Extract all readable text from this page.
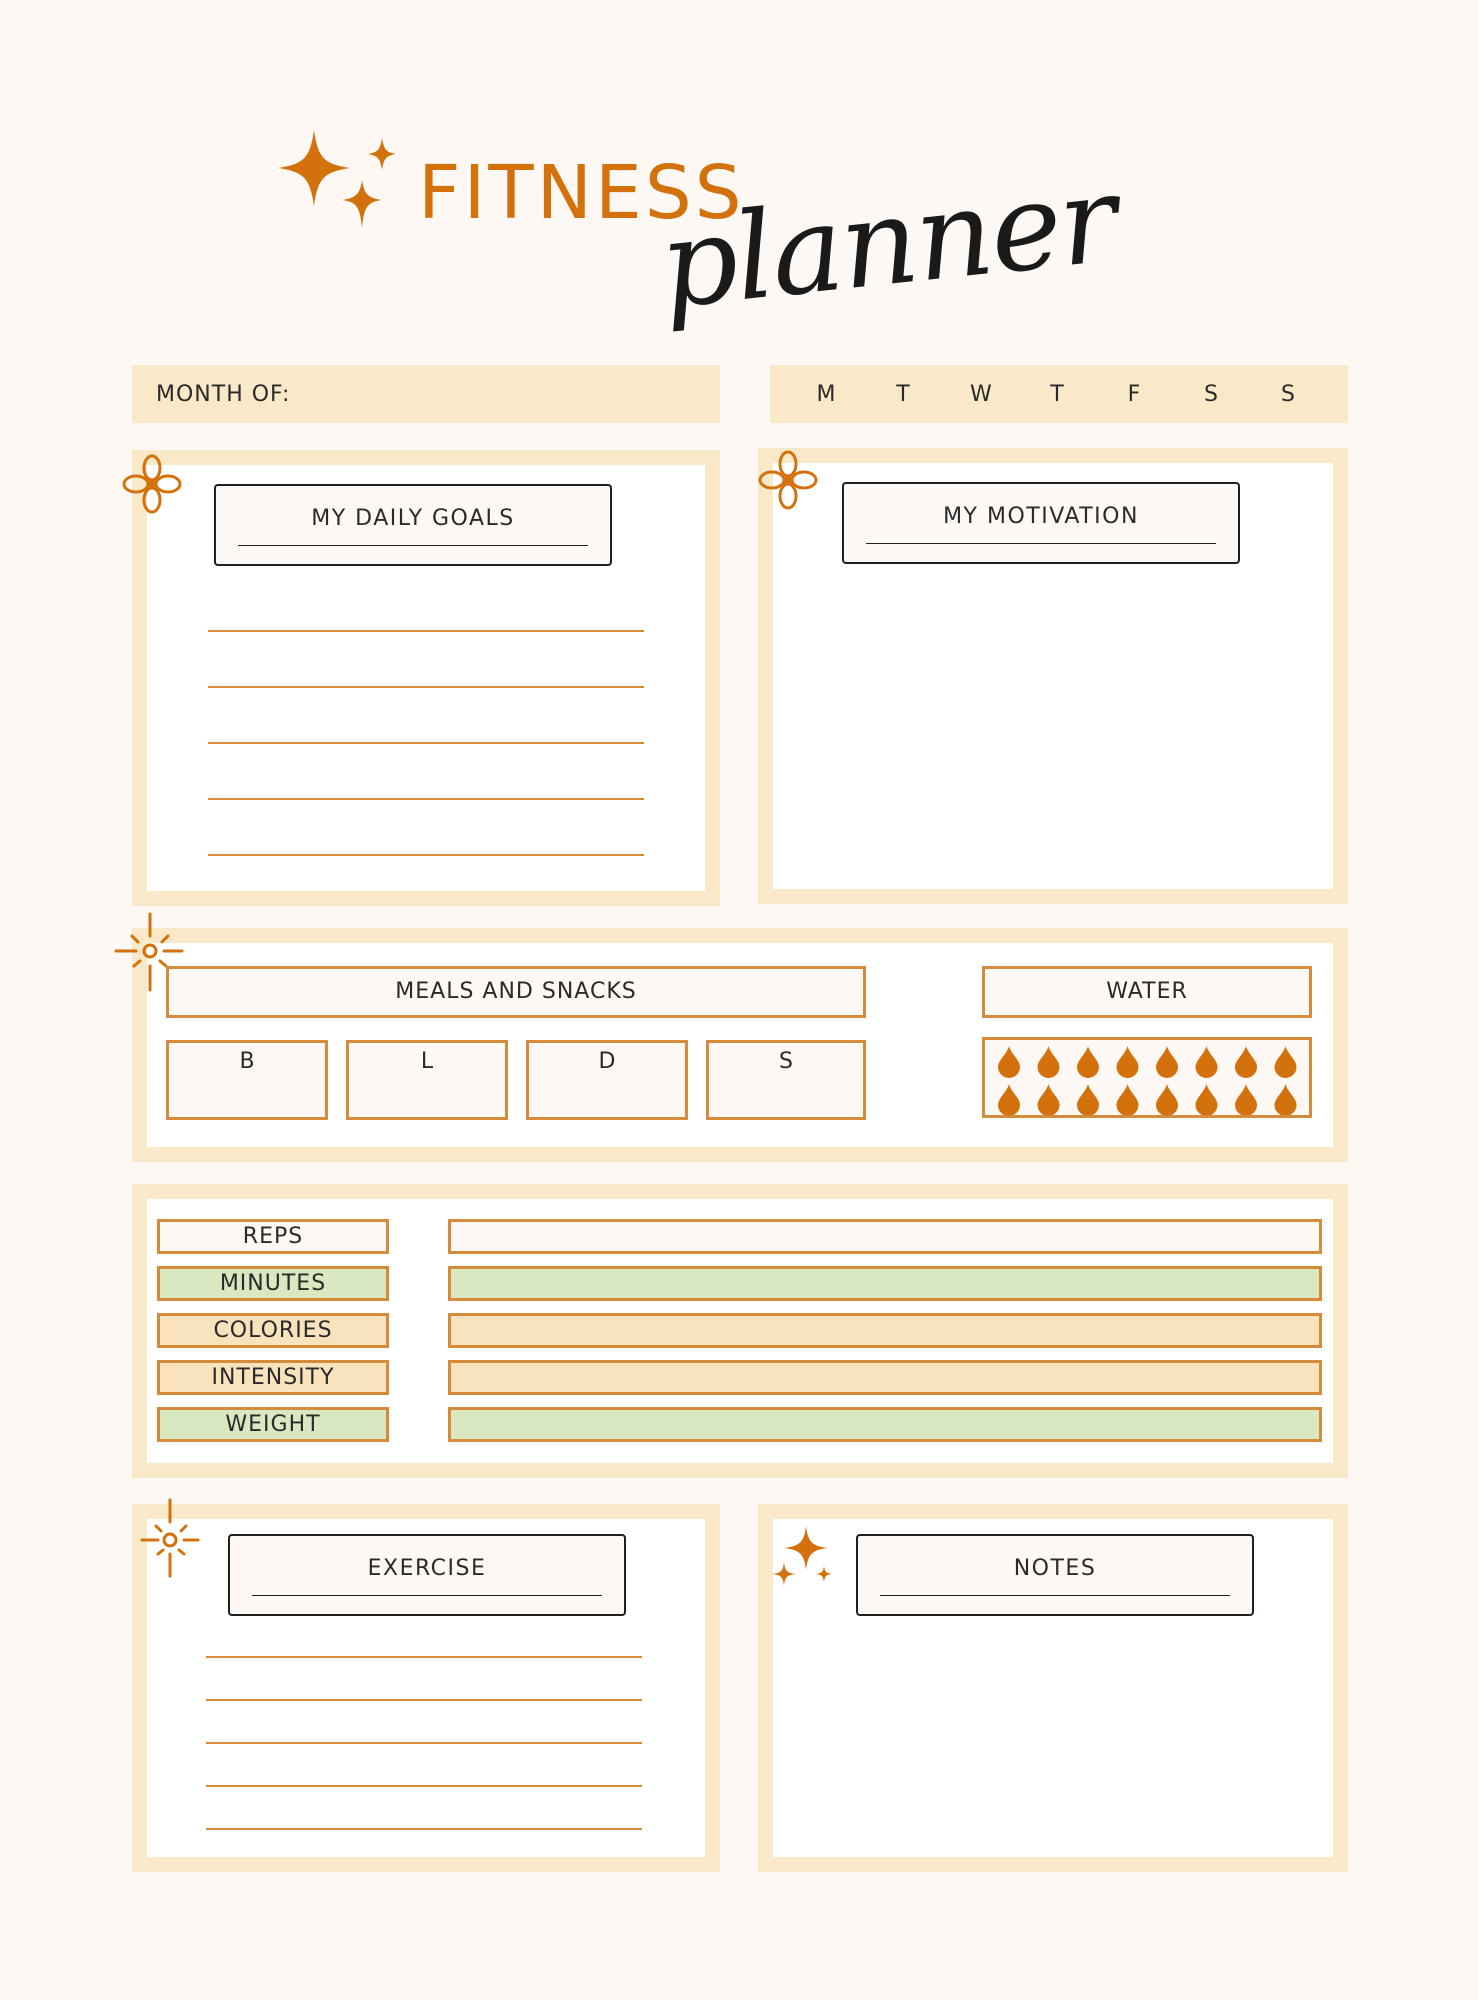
FITNESS
planner
MONTH OF:	M	T	W	T	F	S	S
MY DAILY GOALS	MY MOTIVATION
MEALS AND SNACKS
B	L	D	S
WATER
REPS
MINUTES
COLORIES
INTENSITY
WEIGHT
EXERCISE	NOTES
